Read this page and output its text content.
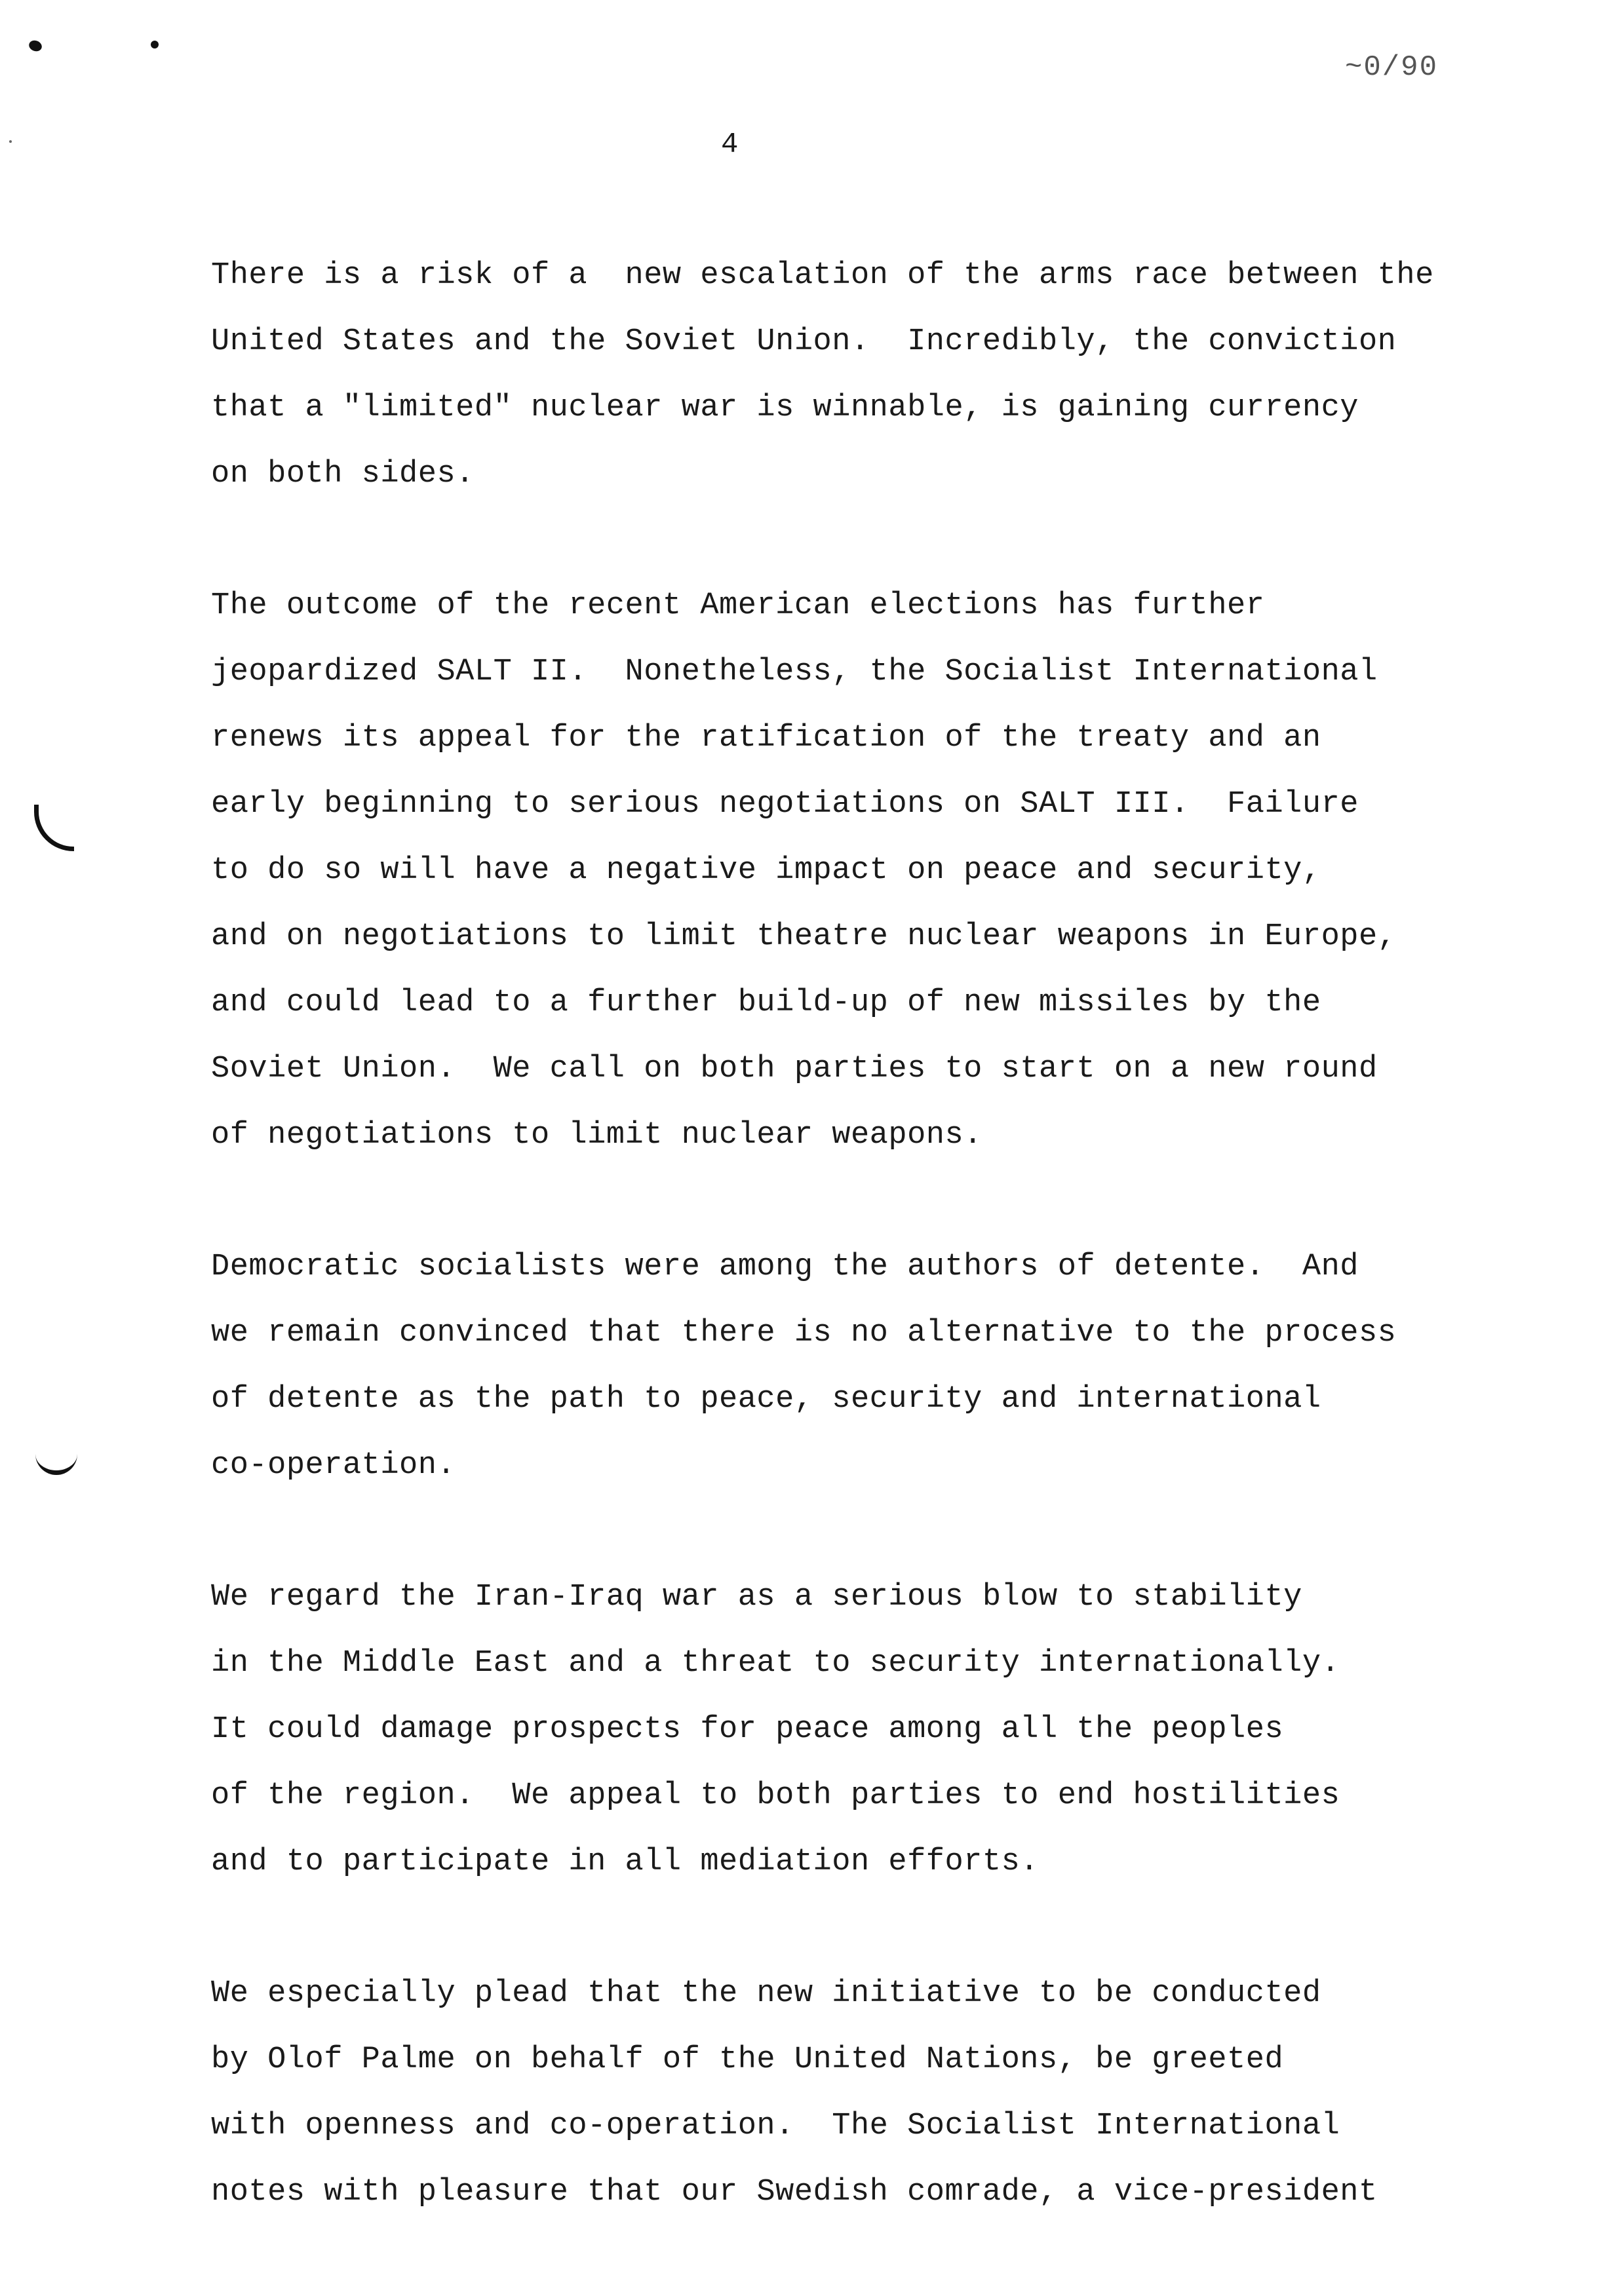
~0/90
4
There is a risk of a  new escalation of the arms race between the
United States and the Soviet Union.  Incredibly, the conviction
that a "limited" nuclear war is winnable, is gaining currency
on both sides.
The outcome of the recent American elections has further
jeopardized SALT II.  Nonetheless, the Socialist International
renews its appeal for the ratification of the treaty and an
early beginning to serious negotiations on SALT III.  Failure
to do so will have a negative impact on peace and security,
and on negotiations to limit theatre nuclear weapons in Europe,
and could lead to a further build-up of new missiles by the
Soviet Union.  We call on both parties to start on a new round
of negotiations to limit nuclear weapons.
Democratic socialists were among the authors of detente.  And
we remain convinced that there is no alternative to the process
of detente as the path to peace, security and international
co-operation.
We regard the Iran-Iraq war as a serious blow to stability
in the Middle East and a threat to security internationally.
It could damage prospects for peace among all the peoples
of the region.  We appeal to both parties to end hostilities
and to participate in all mediation efforts.
We especially plead that the new initiative to be conducted
by Olof Palme on behalf of the United Nations, be greeted
with openness and co-operation.  The Socialist International
notes with pleasure that our Swedish comrade, a vice-president
